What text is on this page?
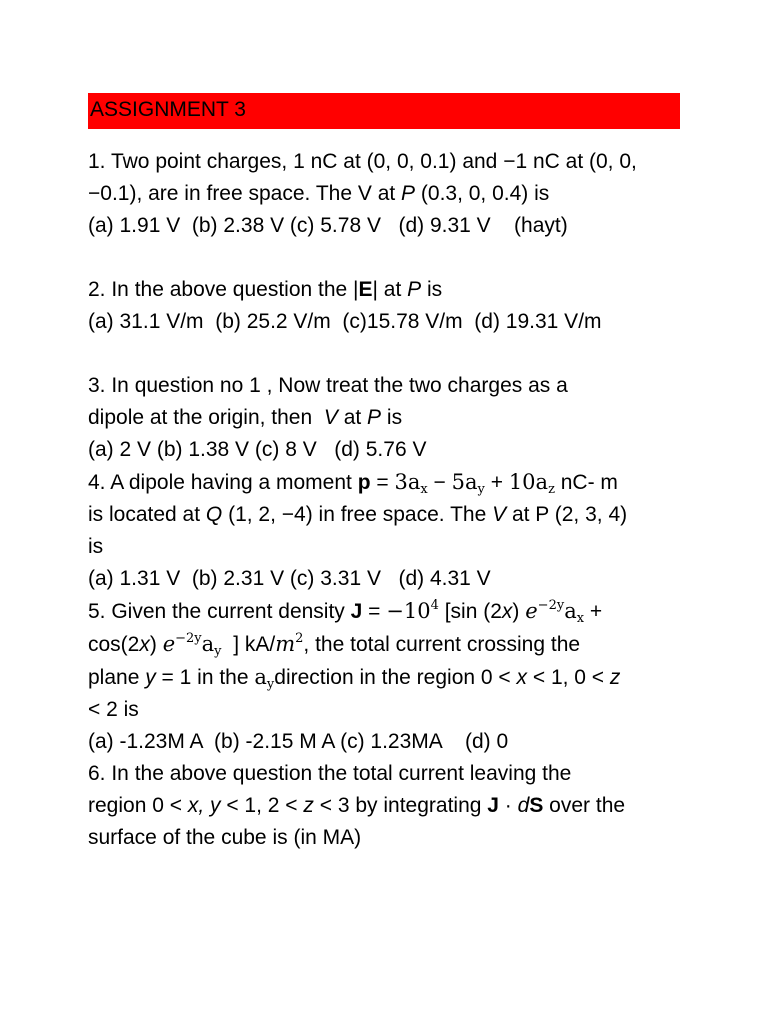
ASSIGNMENT 3

1. Two point charges, 1 nC at (0, 0, 0.1) and −1 nC at (0, 0,

−0.1), are in free space. The V at P (0.3, 0, 0.4) is

(a) 1.91 V  (b) 2.38 V (c) 5.78 V   (d) 9.31 V    (hayt)

2. In the above question the |E| at P is

(a) 31.1 V/m  (b) 25.2 V/m  (c)15.78 V/m  (d) 19.31 V/m

3. In question no 1 , Now treat the two charges as a

dipole at the origin, then  V at P is

(a) 2 V (b) 1.38 V (c) 8 V   (d) 5.76 V

4. A dipole having a moment $p = 3a_x - 5a_y + 10a_z$ nC- m

is located at Q (1, 2, −4) in free space. The V at P (2, 3, 4)

is

(a) 1.31 V  (b) 2.31 V (c) 3.31 V   (d) 4.31 V

5. Given the current density $J = -10^4$ [sin (2x) $e^{-2y}a_x$ +

cos(2x) $e^{-2y}a_y$  ] $kA/m^2$, the total current crossing the

plane y = 1 in the $a_ydirection$ in the region 0 < x < 1, 0 < z

< 2 is

(a) -1.23M A  (b) -2.15 M A (c) 1.23MA    (d) 0

6. In the above question the total current leaving the

region 0 < x, y < 1, 2 < z < 3 by integrating J · dS over the

surface of the cube is (in MA)
